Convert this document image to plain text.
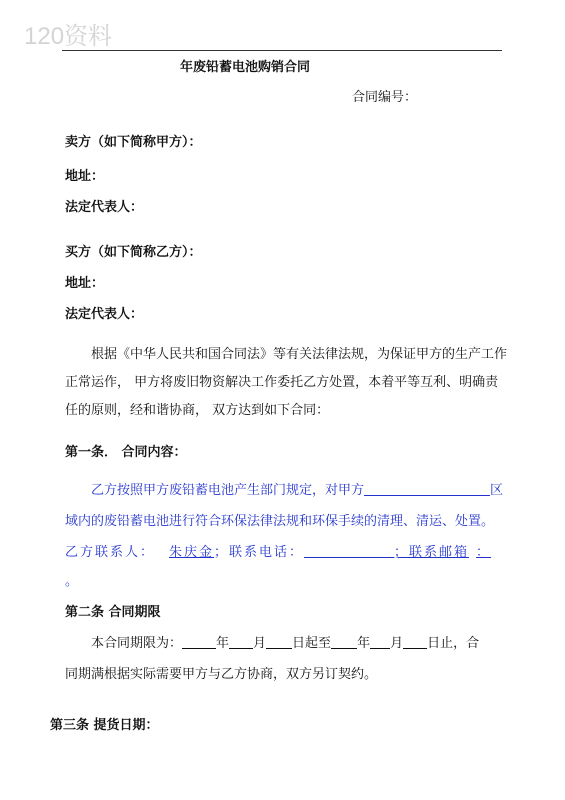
120资料
年废铅蓄电池购销合同
合同编号：
卖方（如下简称甲方）：
地址：
法定代表人：
买方（如下简称乙方）：
地址：
法定代表人：
根据《中华人民共和国合同法》等有关法律法规，为保证甲方的生产工作正常运作， 甲方将废旧物资解决工作委托乙方处置，本着平等互利、明确责任的原则，经和谐协商， 双方达到如下合同：
第一条． 合同内容：
乙方按照甲方废铅蓄电池产生部门规定，对甲方	区
域内的废铅蓄电池进行符合环保法律法规和环保手续的清理、清运、处置。
乙方联系人： 朱庆金；联系电话：	；联系邮箱 ：
。
第二条 合同期限
本合同期限为：	年 月 日起至 年 月 日止，合
同期满根据实际需要甲方与乙方协商，双方另订契约。
第三条 提货日期：
